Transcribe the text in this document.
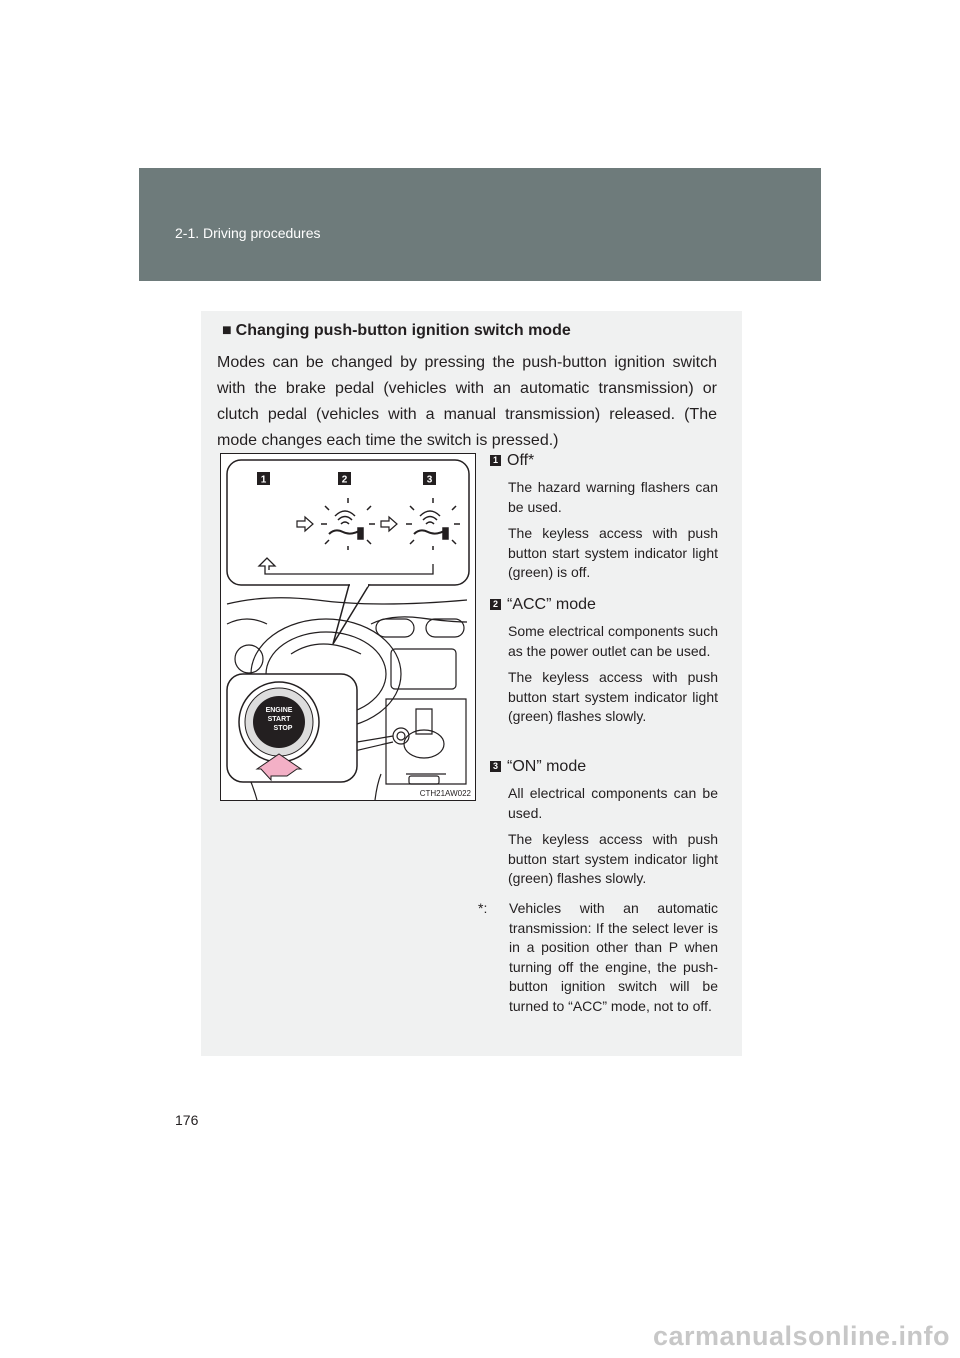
2-1. Driving procedures
■ Changing push-button ignition switch mode
Modes can be changed by pressing the push-button ignition switch with the brake pedal (vehicles with an automatic transmission) or clutch pedal (vehicles with a manual transmission) released. (The mode changes each time the switch is pressed.)
1	2	3
ENGINE
START
STOP
CTH21AW022
1 Off*
The hazard warning flashers can be used.
The keyless access with push button start system indicator light (green) is off.
2 “ACC” mode
Some electrical components such as the power outlet can be used.
The keyless access with push button start system indicator light (green) flashes slowly.
3 “ON” mode
All electrical components can be used.
The keyless access with push button start system indicator light (green) flashes slowly.
*: Vehicles with an automatic transmission: If the select lever is in a position other than P when turning off the engine, the push-button ignition switch will be turned to “ACC” mode, not to off.
176
carmanualsonline.info
